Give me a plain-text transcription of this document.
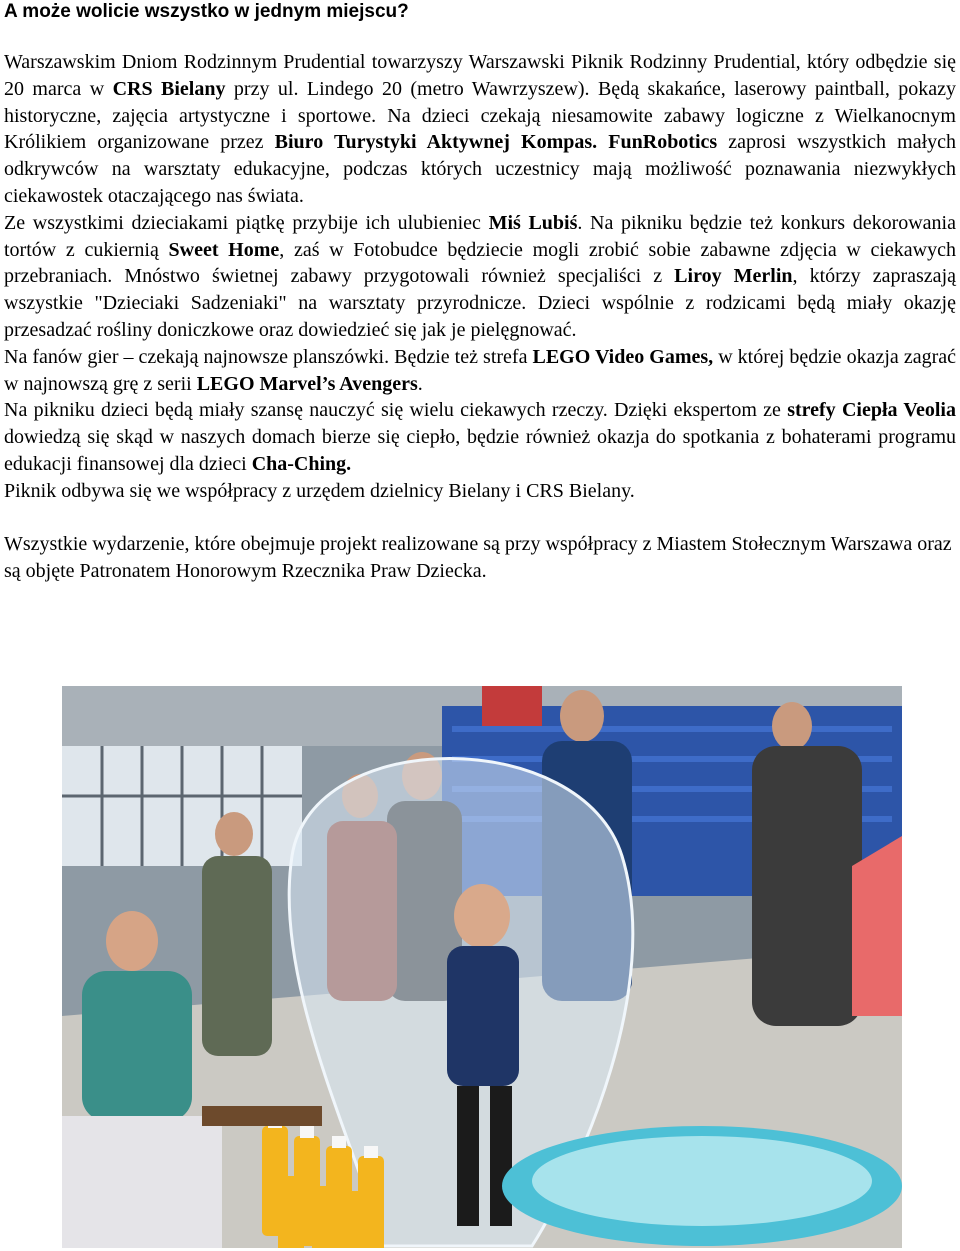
A może wolicie wszystko w jednym miejscu?

Warszawskim Dniom Rodzinnym Prudential towarzyszy Warszawski Piknik Rodzinny Prudential, który odbędzie się 20 marca w CRS Bielany przy ul. Lindego 20 (metro Wawrzyszew). Będą skakańce, laserowy paintball, pokazy historyczne, zajęcia artystyczne i sportowe. Na dzieci czekają niesamowite zabawy logiczne z Wielkanocnym Królikiem organizowane przez Biuro Turystyki Aktywnej Kompas. FunRobotics zaprosi wszystkich małych odkrywców na warsztaty edukacyjne, podczas których uczestnicy mają możliwość poznawania niezwykłych ciekawostek otaczającego nas świata.

Ze wszystkimi dzieciakami piątkę przybije ich ulubieniec Miś Lubiś. Na pikniku będzie też konkurs dekorowania tortów z cukiernią Sweet Home, zaś w Fotobudce będziecie mogli zrobić sobie zabawne zdjęcia w ciekawych przebraniach. Mnóstwo świetnej zabawy przygotowali również specjaliści z Liroy Merlin, którzy zapraszają wszystkie "Dzieciaki Sadzeniaki" na warsztaty przyrodnicze. Dzieci wspólnie z rodzicami będą miały okazję przesadzać rośliny doniczkowe oraz dowiedzieć się jak je pielęgnować.

Na fanów gier – czekają najnowsze planszówki. Będzie też strefa LEGO Video Games, w której będzie okazja zagrać w najnowszą grę z serii LEGO Marvel’s Avengers.

Na pikniku dzieci będą miały szansę nauczyć się wielu ciekawych rzeczy. Dzięki ekspertom ze strefy Ciepła Veolia dowiedzą się skąd w naszych domach bierze się ciepło, będzie również okazja do spotkania z bohaterami programu edukacji finansowej dla dzieci Cha-Ching.

Piknik odbywa się we współpracy z urzędem dzielnicy Bielany i CRS Bielany.

Wszystkie wydarzenie, które obejmuje projekt realizowane są przy współpracy z Miastem Stołecznym Warszawa oraz są objęte Patronatem Honorowym Rzecznika Praw Dziecka.
